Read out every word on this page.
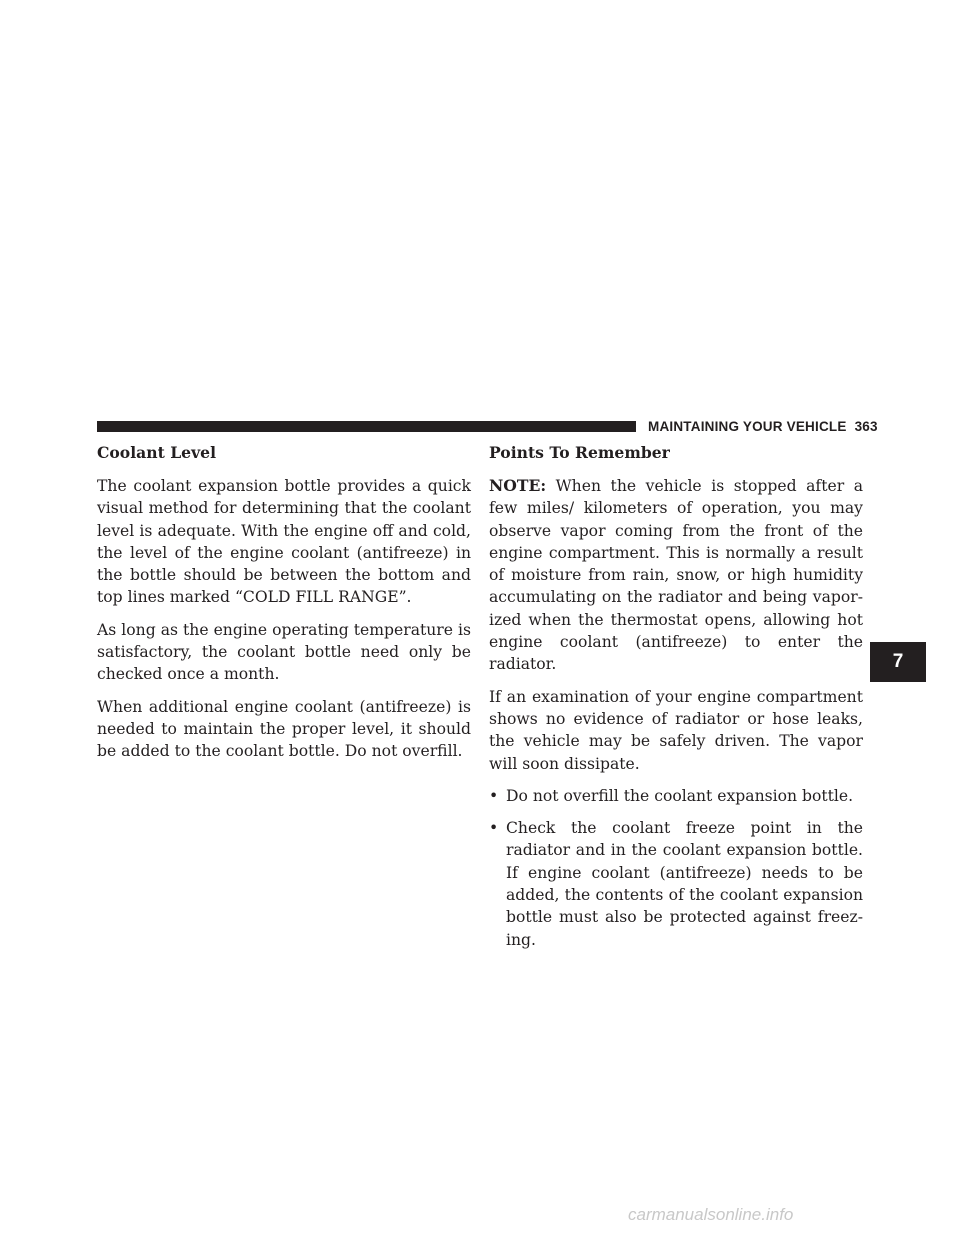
MAINTAINING YOUR VEHICLE 363
7
Coolant Level

The coolant expansion bottle provides a quick visual method for determining that the coolant level is adequate. With the engine off and cold, the level of the engine coolant (antifreeze) in the bottle should be between the bottom and top lines marked “COLD FILL RANGE”.

As long as the engine operating temperature is satisfactory, the coolant bottle need only be checked once a month.

When additional engine coolant (antifreeze) is needed to maintain the proper level, it should be added to the coolant bottle. Do not overfill.

Points To Remember

NOTE: When the vehicle is stopped after a few miles/ kilometers of operation, you may observe vapor coming from the front of the engine compartment. This is normally a result of moisture from rain, snow, or high humidity accumulating on the radiator and being vaporized when the thermostat opens, allowing hot engine coolant (antifreeze) to enter the radiator.

If an examination of your engine compartment shows no evidence of radiator or hose leaks, the vehicle may be safely driven. The vapor will soon dissipate.

• Do not overfill the coolant expansion bottle.
• Check the coolant freeze point in the radiator and in the coolant expansion bottle. If engine coolant (antifreeze) needs to be added, the contents of the coolant expansion bottle must also be protected against freezing.
carmanualsonline.info
